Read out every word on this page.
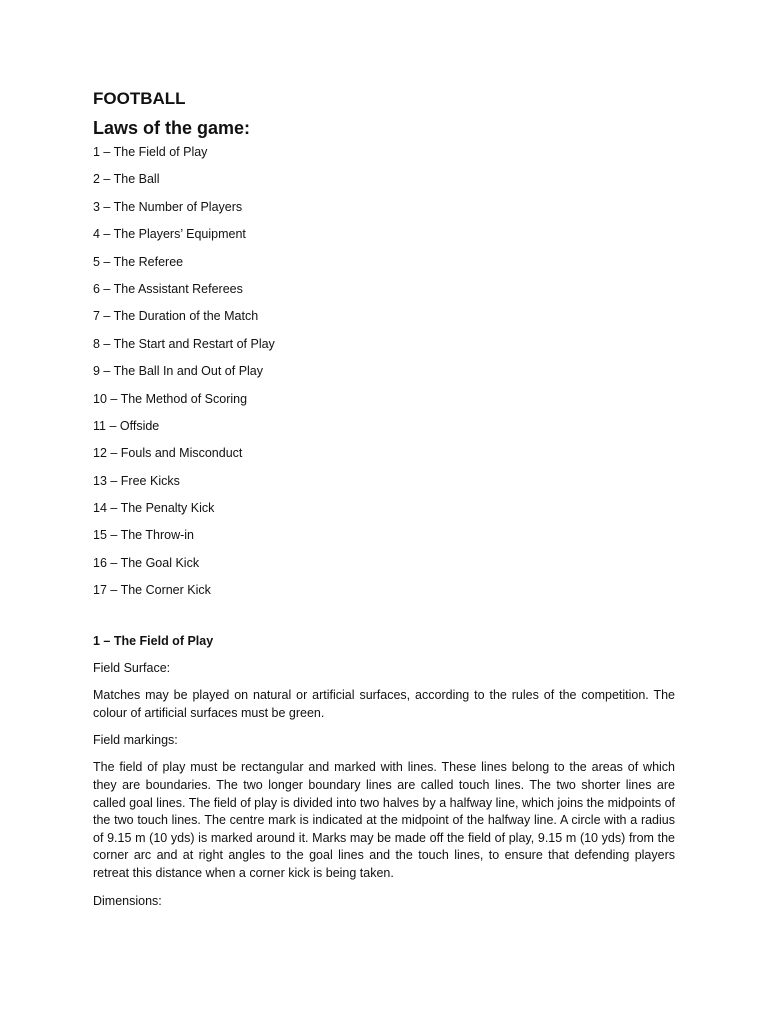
FOOTBALL
Laws of the game:
1 – The Field of Play
2 – The Ball
3 – The Number of Players
4 – The Players’ Equipment
5 – The Referee
6 – The Assistant Referees
7 – The Duration of the Match
8 – The Start and Restart of Play
9 – The Ball In and Out of Play
10 – The Method of Scoring
11 – Offside
12 – Fouls and Misconduct
13 – Free Kicks
14 – The Penalty Kick
15 – The Throw-in
16 – The Goal Kick
17 – The Corner Kick
1 – The Field of Play
Field Surface:
Matches may be played on natural or artificial surfaces, according to the rules of the competition. The colour of artificial surfaces must be green.
Field markings:
The field of play must be rectangular and marked with lines. These lines belong to the areas of which they are boundaries. The two longer boundary lines are called touch lines. The two shorter lines are called goal lines. The field of play is divided into two halves by a halfway line, which joins the midpoints of the two touch lines. The centre mark is indicated at the midpoint of the halfway line. A circle with a radius of 9.15 m (10 yds) is marked around it. Marks may be made off the field of play, 9.15 m (10 yds) from the corner arc and at right angles to the goal lines and the touch lines, to ensure that defending players retreat this distance when a corner kick is being taken.
Dimensions:
